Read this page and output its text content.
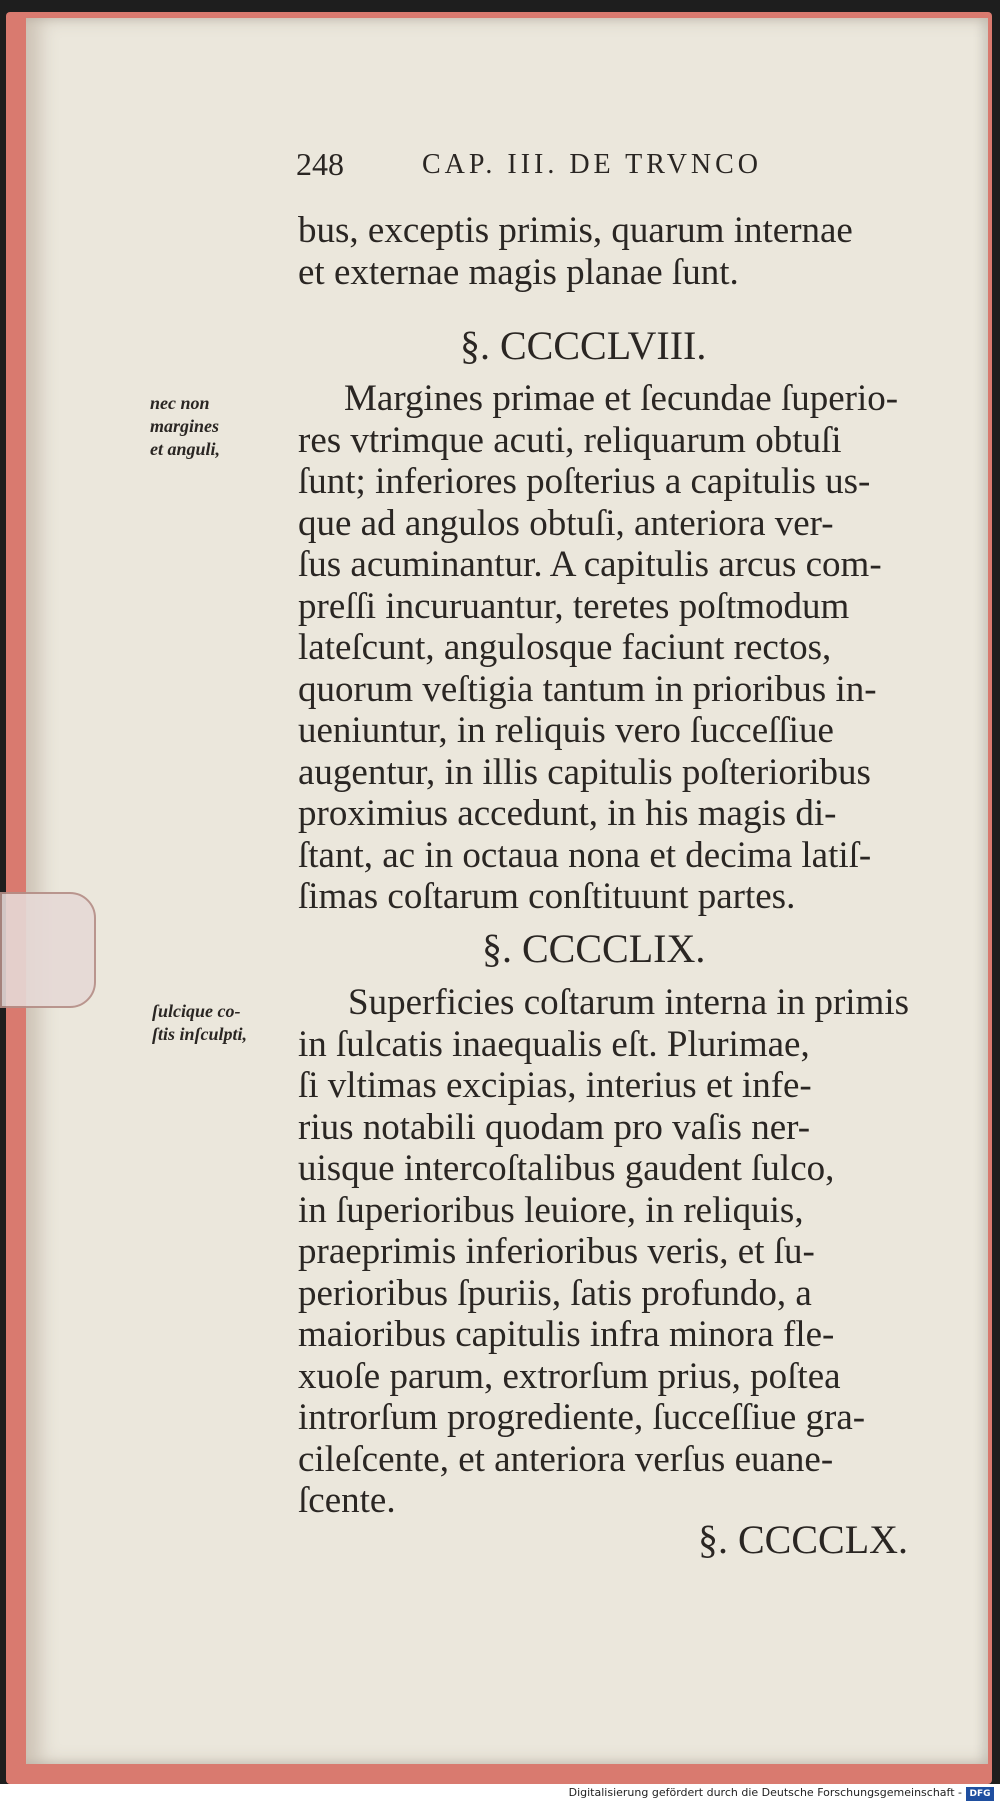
248	CAP. III. DE TRVNCO
bus, exceptis primis, quarum internae
et externae magis planae ſunt.
§. CCCCLVIII.
Margines primae et ſecundae ſuperio-
res vtrimque acuti, reliquarum obtuſi
ſunt; inferiores poſterius a capitulis us-
que ad angulos obtuſi, anteriora ver-
ſus acuminantur. A capitulis arcus com-
preſſi incuruantur, teretes poſtmodum
lateſcunt, angulosque faciunt rectos,
quorum veſtigia tantum in prioribus in-
ueniuntur, in reliquis vero ſucceſſiue
augentur, in illis capitulis poſterioribus
proximius accedunt, in his magis di-
ſtant, ac in octaua nona et decima latiſ-
ſimas coſtarum conſtituunt partes.
§. CCCCLIX.
Superficies coſtarum interna in primis
in ſulcatis inaequalis eſt. Plurimae,
ſi vltimas excipias, interius et infe-
rius notabili quodam pro vaſis ner-
uisque intercoſtalibus gaudent ſulco,
in ſuperioribus leuiore, in reliquis,
praeprimis inferioribus veris, et ſu-
perioribus ſpuriis, ſatis profundo, a
maioribus capitulis infra minora fle-
xuoſe parum, extrorſum prius, poſtea
introrſum progrediente, ſucceſſiue gra-
cileſcente, et anteriora verſus euane-
ſcente.
§. CCCCLX.
nec non
margines
et anguli,
ſulcique co-
ſtis inſculpti,
Digitalisierung gefördert durch die Deutsche Forschungsgemeinschaft - DFG
